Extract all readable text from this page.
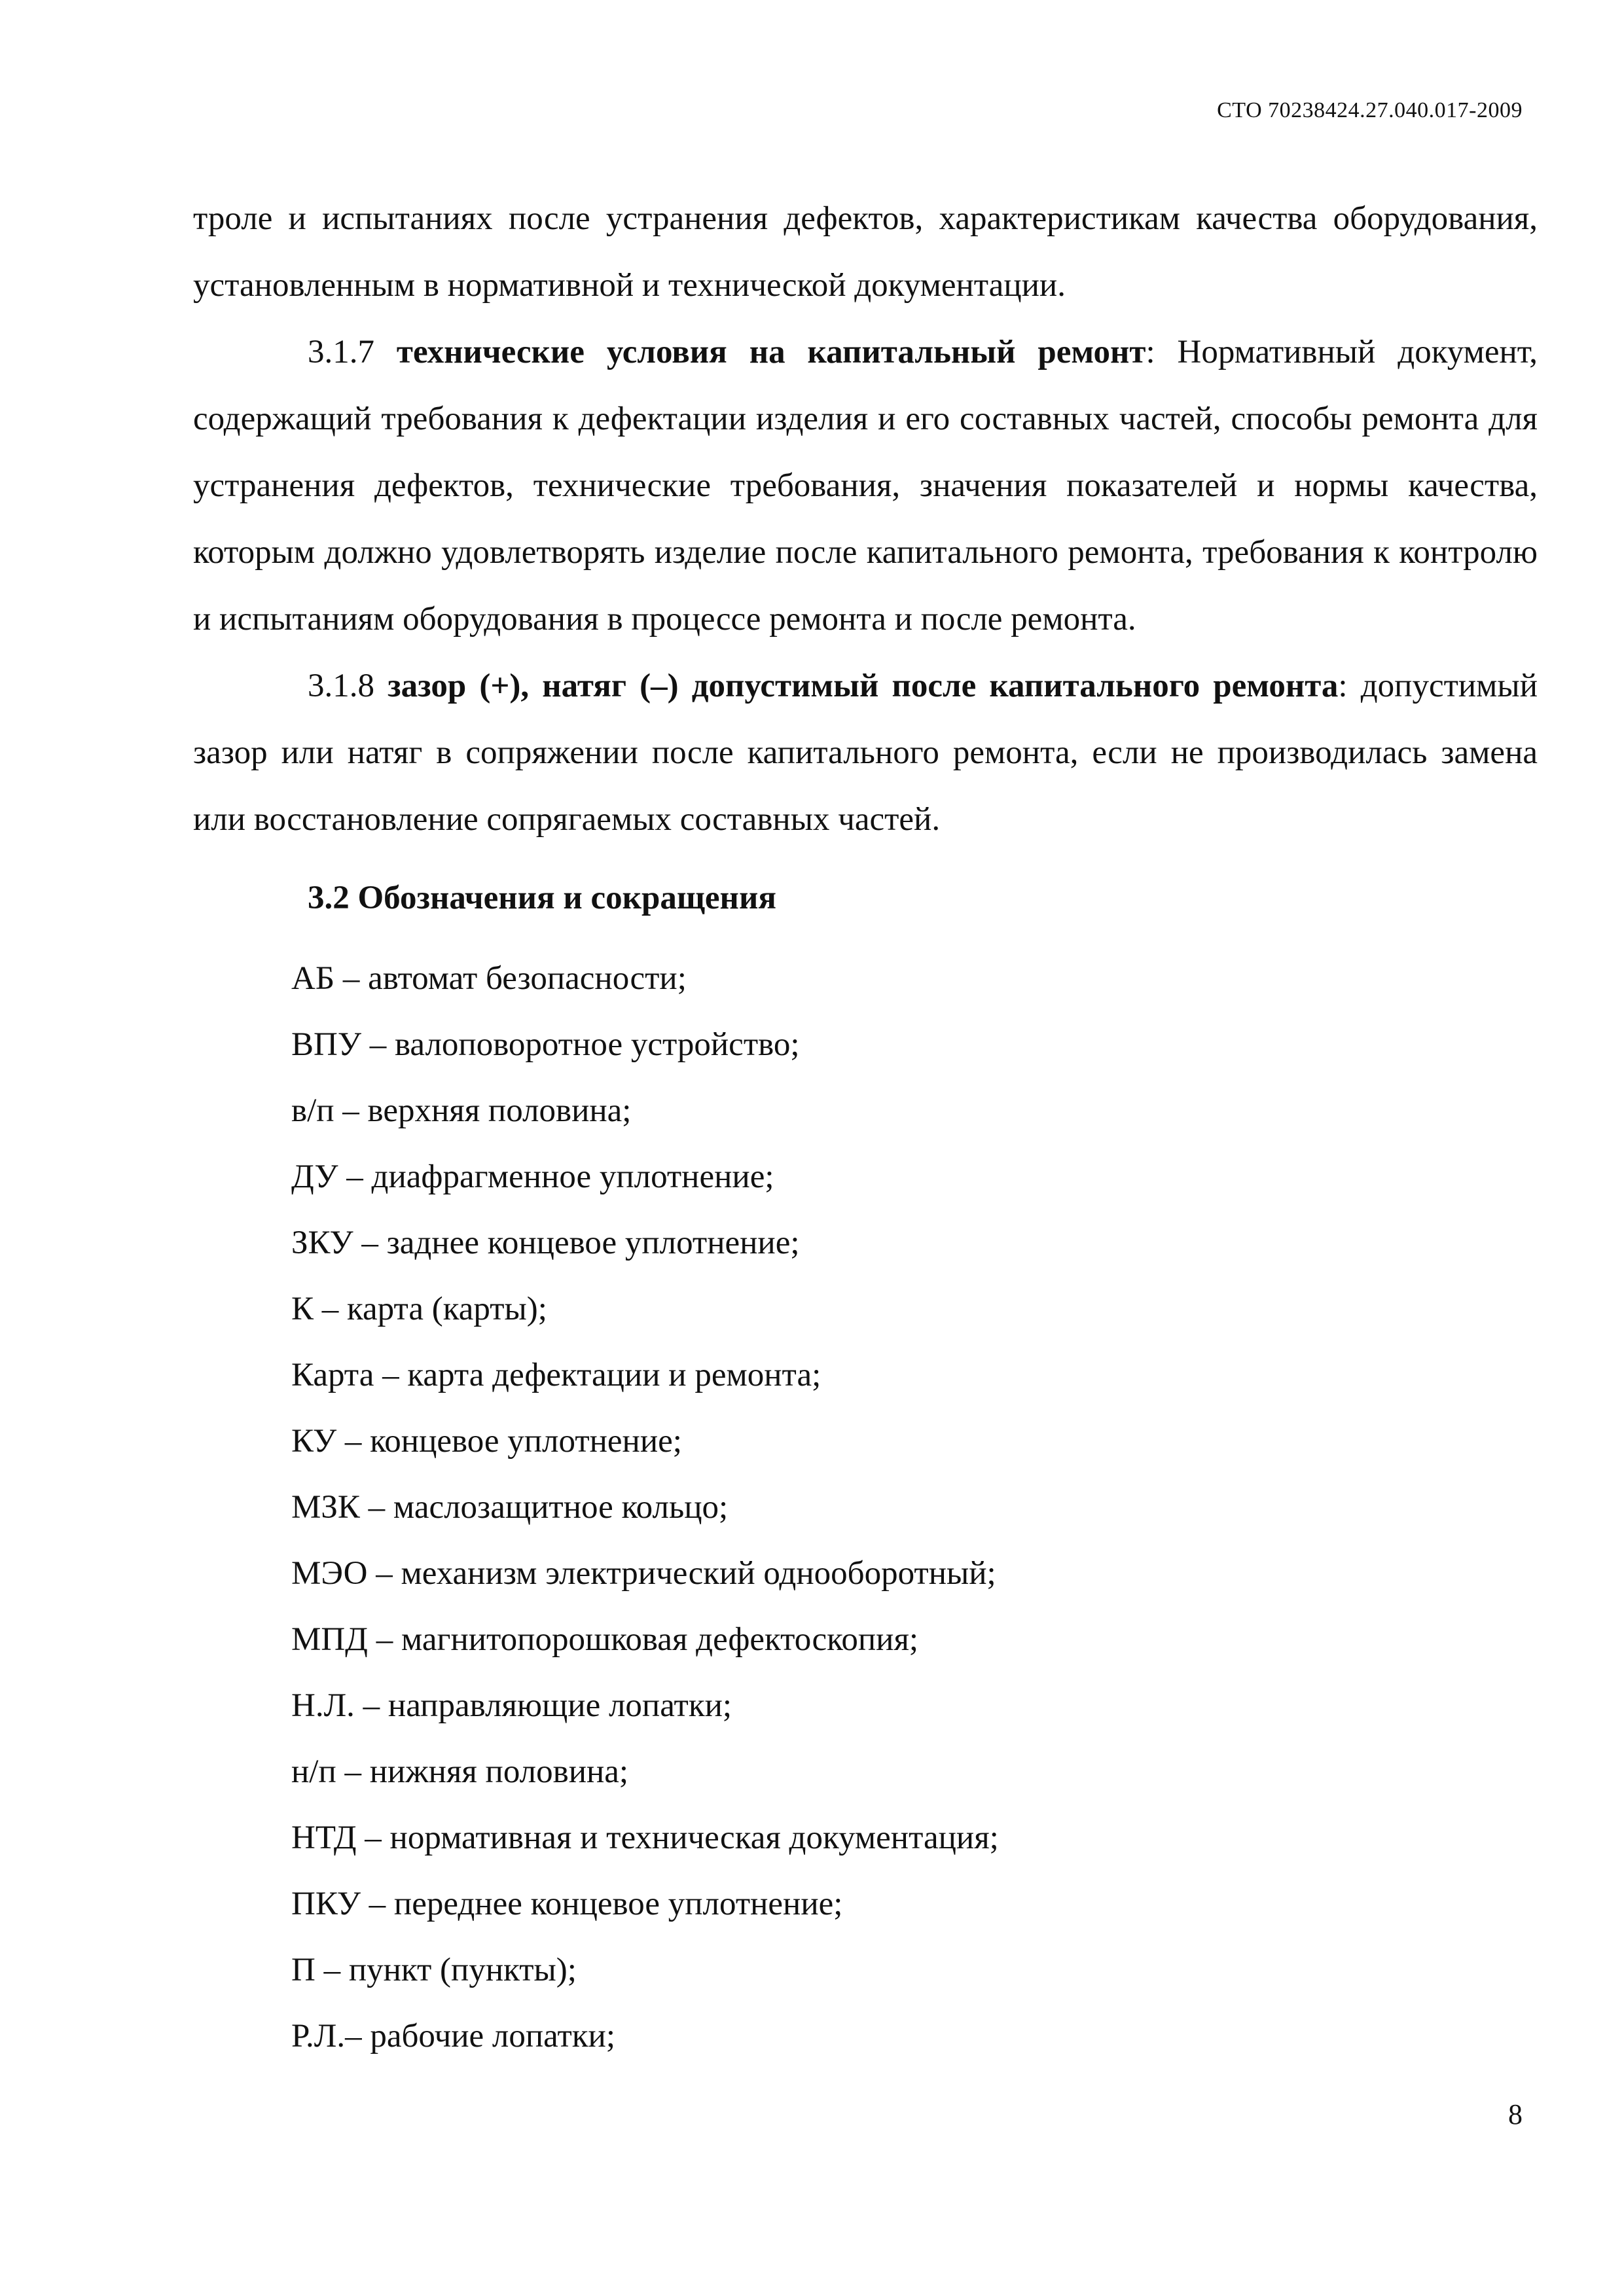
СТО 70238424.27.040.017-2009

троле и испытаниях после устранения дефектов, характеристикам качества оборудования, установленным в нормативной и технической документации.

3.1.7 технические условия на капитальный ремонт: Нормативный документ, содержащий требования к дефектации изделия и его составных частей, способы ремонта для устранения дефектов, технические требования, значения показателей и нормы качества, которым должно удовлетворять изделие после капитального ремонта, требования к контролю и испытаниям оборудования в процессе ремонта и после ремонта.

3.1.8 зазор (+), натяг (–) допустимый после капитального ремонта: допустимый зазор или натяг в сопряжении после капитального ремонта, если не производилась замена или восстановление сопрягаемых составных частей.

3.2 Обозначения и сокращения
АБ – автомат безопасности;
ВПУ – валоповоротное устройство;
в/п – верхняя половина;
ДУ – диафрагменное уплотнение;
ЗКУ – заднее концевое уплотнение;
К – карта (карты);
Карта – карта дефектации и ремонта;
КУ – концевое уплотнение;
МЗК – маслозащитное кольцо;
МЭО – механизм электрический однооборотный;
МПД – магнитопорошковая дефектоскопия;
Н.Л. – направляющие лопатки;
н/п – нижняя половина;
НТД – нормативная и техническая документация;
ПКУ – переднее концевое уплотнение;
П – пункт (пункты);
Р.Л.– рабочие лопатки;
8
